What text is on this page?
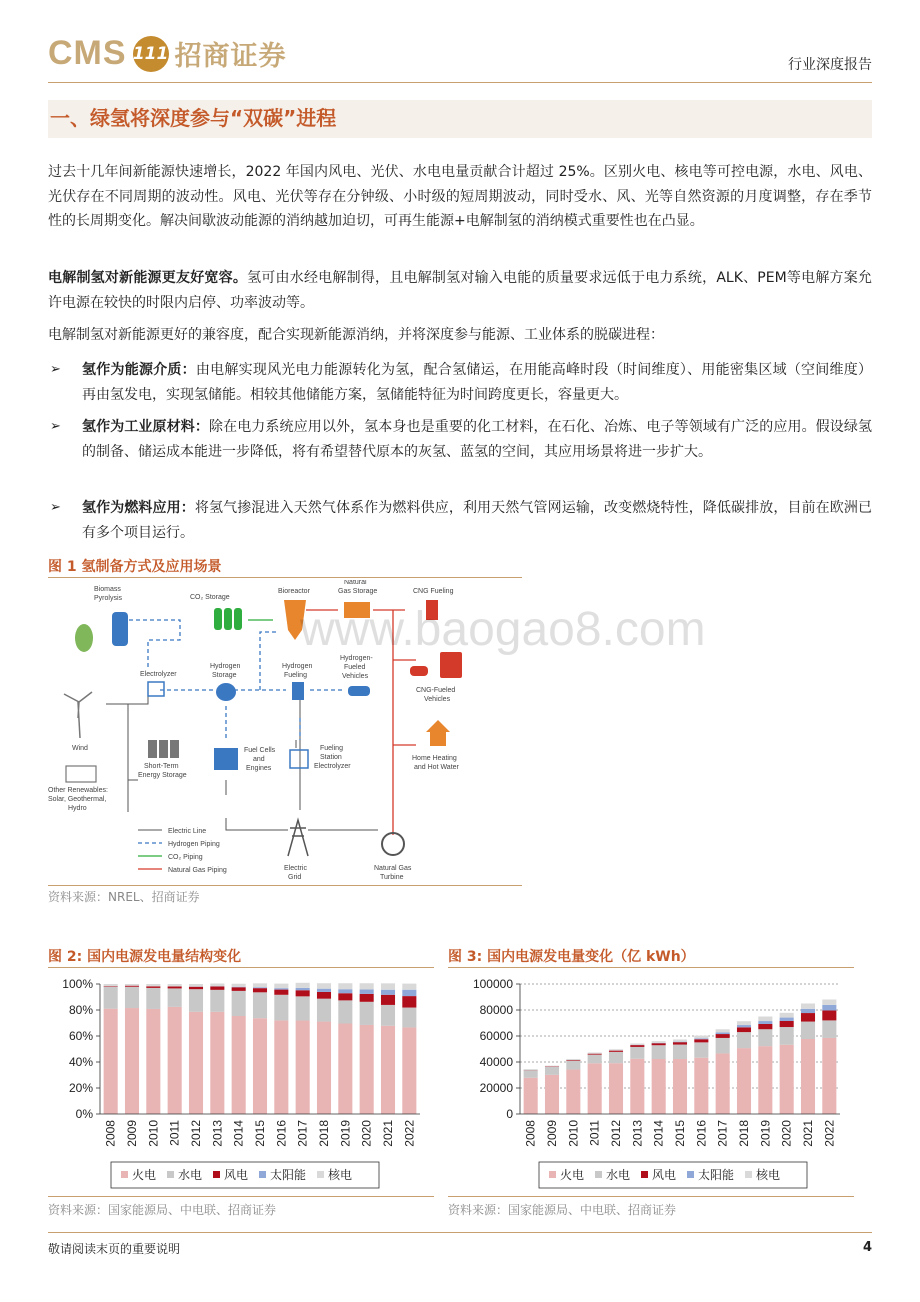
CMS 111 招商证券	行业深度报告
一、绿氢将深度参与“双碳”进程
过去十几年间新能源快速增长，2022 年国内风电、光伏、水电电量贡献合计超过 25%。区别火电、核电等可控电源，水电、风电、光伏存在不同周期的波动性。风电、光伏等存在分钟级、小时级的短周期波动，同时受水、风、光等自然资源的月度调整，存在季节性的长周期变化。解决间歇波动能源的消纳越加迫切，可再生能源+电解制氢的消纳模式重要性也在凸显。
电解制氢对新能源更友好宽容。氢可由水经电解制得，且电解制氢对输入电能的质量要求远低于电力系统，ALK、PEM等电解方案允许电源在较快的时限内启停、功率波动等。
电解制氢对新能源更好的兼容度，配合实现新能源消纳，并将深度参与能源、工业体系的脱碳进程：
➢ 氢作为能源介质：由电解实现风光电力能源转化为氢，配合氢储运，在用能高峰时段（时间维度）、用能密集区域（空间维度）再由氢发电，实现氢储能。相较其他储能方案，氢储能特征为时间跨度更长，容量更大。
➢ 氢作为工业原材料：除在电力系统应用以外，氢本身也是重要的化工材料，在石化、冶炼、电子等领域有广泛的应用。假设绿氢的制备、储运成本能进一步降低，将有希望替代原本的灰氢、蓝氢的空间，其应用场景将进一步扩大。
➢ 氢作为燃料应用：将氢气掺混进入天然气体系作为燃料供应，利用天然气管网运输，改变燃烧特性，降低碳排放，目前在欧洲已有多个项目运行。
图 1 氢制备方式及应用场景
Biomass
Pyrolysis	CO₂ Storage
Bioreactor
Natural
Gas Storage	CNG Fueling
Electrolyzer
Hydrogen
Storage
Hydrogen
Fueling
Hydrogen-
Fueled
Vehicles
CNG-Fueled
Vehicles
Wind
Short-Term
Energy Storage
Fuel Cells
and
Engines
Fueling
Station
Electrolyzer
Home Heating
and Hot Water
Other Renewables:
Solar, Geothermal,
Hydro
Electric
Grid
Natural Gas
Turbine
Electric Line
Hydrogen Piping
CO₂ Piping
Natural Gas Piping
www.baogao8.com
资料来源：NREL、招商证券
图 2: 国内电源发电量结构变化
0%
20%
40%
60%
80%
100%
2008 2009 2010 2011 2012 2013 2014 2015 2016 2017 2018 2019 2020 2021 2022
火电 水电 风电 太阳能 核电
资料来源：国家能源局、中电联、招商证券
图 3: 国内电源发电量变化（亿 kWh）
0
20000
40000
60000
80000
100000
2008 2009 2010 2011 2012 2013 2014 2015 2016 2017 2018 2019 2020 2021 2022
火电 水电 风电 太阳能 核电
资料来源：国家能源局、中电联、招商证券
敬请阅读末页的重要说明	4
